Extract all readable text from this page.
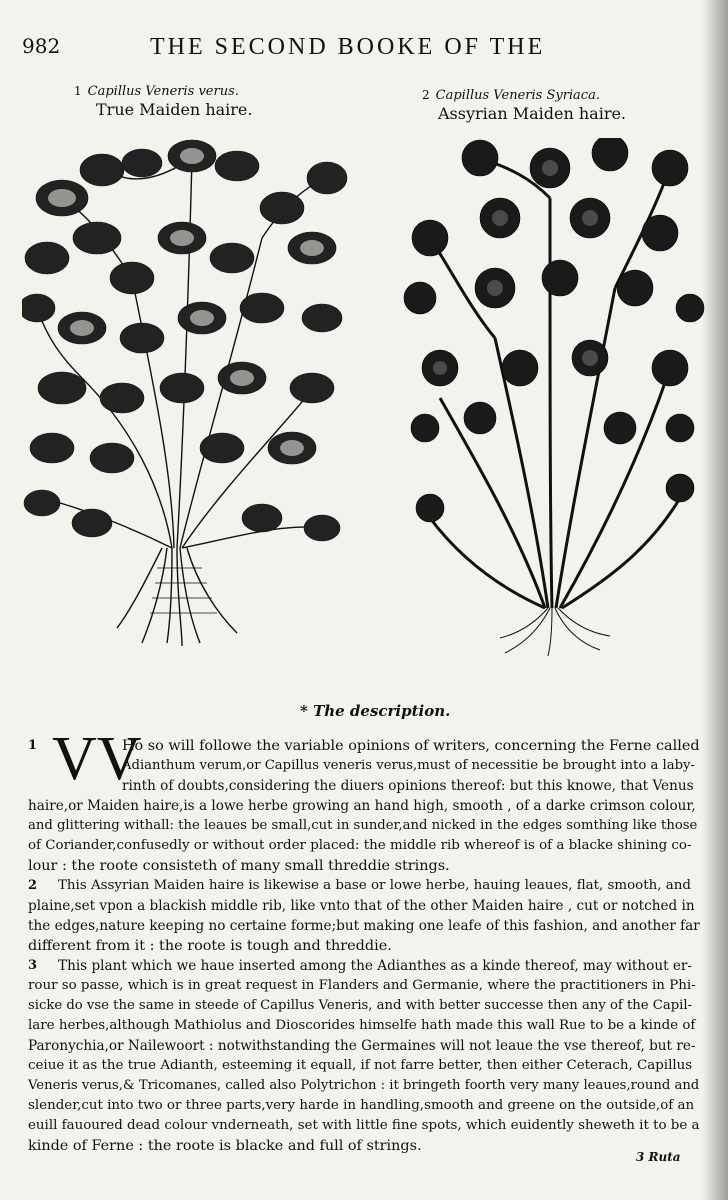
982	THE SECOND BOOKE OF THE
1 Capillus Veneris verus.
True Maiden haire.
2 Capillus Veneris Syriaca.
Assyrian Maiden haire.
* The description.
1 VV
Ho so will followe the variable opinions of writers, concerning the Ferne called
Adianthum verum,or Capillus veneris verus,must of necessitie be brought into a laby-
rinth of doubts,considering the diuers opinions thereof: but this knowe, that Venus
haire,or Maiden haire,is a lowe herbe growing an hand high, smooth , of a darke crimson colour,
and glittering withall: the leaues be small,cut in sunder,and nicked in the edges somthing like those
of Coriander,confusedly or without order placed: the middle rib whereof is of a blacke shining co-
lour : the roote consisteth of many small threddie strings.
2 This Assyrian Maiden haire is likewise a base or lowe herbe, hauing leaues, flat, smooth, and
plaine,set vpon a blackish middle rib, like vnto that of the other Maiden haire , cut or notched in
the edges,nature keeping no certaine forme;but making one leafe of this fashion, and another far
different from it : the roote is tough and threddie.
3 This plant which we haue inserted among the Adianthes as a kinde thereof, may without er-
rour so passe, which is in great request in Flanders and Germanie, where the practitioners in Phi-
sicke do vse the same in steede of Capillus Veneris, and with better successe then any of the Capil-
lare herbes,although Mathiolus and Dioscorides himselfe hath made this wall Rue to be a kinde of
Paronychia,or Nailewoort : notwithstanding the Germaines will not leaue the vse thereof, but re-
ceiue it as the true Adianth, esteeming it equall, if not farre better, then either Ceterach, Capillus
Veneris verus,& Tricomanes, called also Polytrichon : it bringeth foorth very many leaues,round and
slender,cut into two or three parts,very harde in handling,smooth and greene on the outside,of an
euill fauoured dead colour vnderneath, set with little fine spots, which euidently sheweth it to be a
kinde of Ferne : the roote is blacke and full of strings.
3 Ruta
